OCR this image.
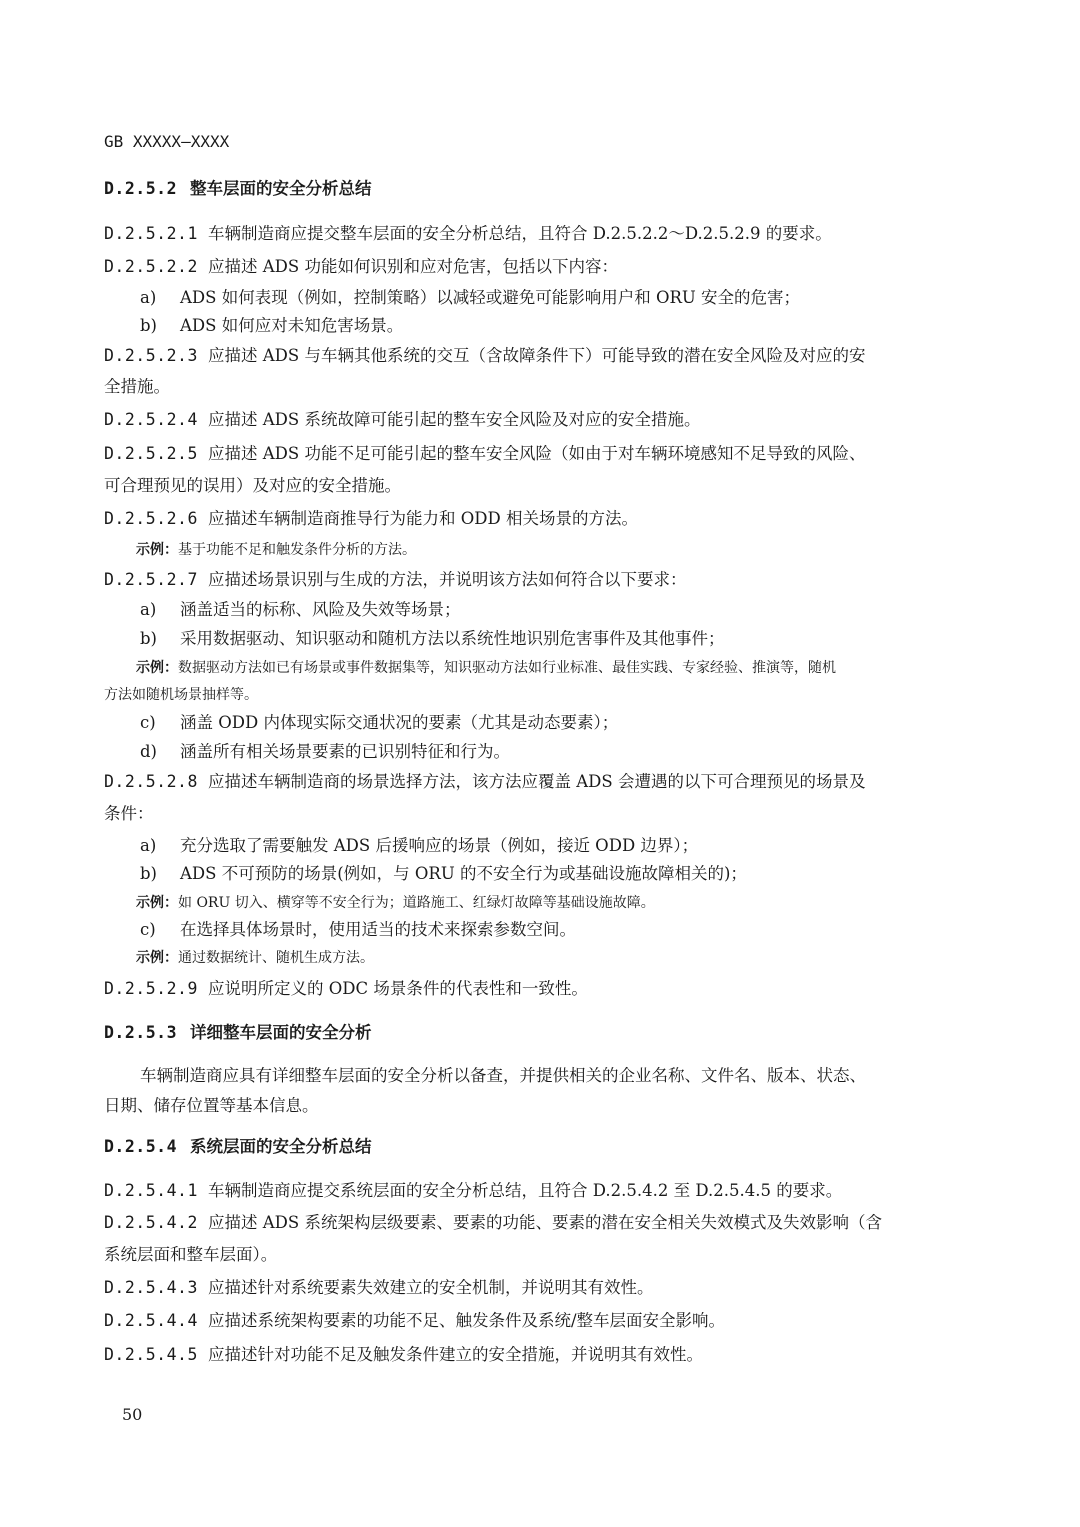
GB XXXXX—XXXX
D.2.5.2 整车层面的安全分析总结
D.2.5.2.1 车辆制造商应提交整车层面的安全分析总结，且符合 D.2.5.2.2～D.2.5.2.9 的要求。
D.2.5.2.2 应描述 ADS 功能如何识别和应对危害，包括以下内容：
a) ADS 如何表现（例如，控制策略）以减轻或避免可能影响用户和 ORU 安全的危害；
b) ADS 如何应对未知危害场景。
D.2.5.2.3 应描述 ADS 与车辆其他系统的交互（含故障条件下）可能导致的潜在安全风险及对应的安
全措施。
D.2.5.2.4 应描述 ADS 系统故障可能引起的整车安全风险及对应的安全措施。
D.2.5.2.5 应描述 ADS 功能不足可能引起的整车安全风险（如由于对车辆环境感知不足导致的风险、
可合理预见的误用）及对应的安全措施。
D.2.5.2.6 应描述车辆制造商推导行为能力和 ODD 相关场景的方法。
示例：基于功能不足和触发条件分析的方法。
D.2.5.2.7 应描述场景识别与生成的方法，并说明该方法如何符合以下要求：
a) 涵盖适当的标称、风险及失效等场景；
b) 采用数据驱动、知识驱动和随机方法以系统性地识别危害事件及其他事件；
示例：数据驱动方法如已有场景或事件数据集等，知识驱动方法如行业标准、最佳实践、专家经验、推演等，随机
方法如随机场景抽样等。
c) 涵盖 ODD 内体现实际交通状况的要素（尤其是动态要素）；
d) 涵盖所有相关场景要素的已识别特征和行为。
D.2.5.2.8 应描述车辆制造商的场景选择方法，该方法应覆盖 ADS 会遭遇的以下可合理预见的场景及
条件：
a) 充分选取了需要触发 ADS 后援响应的场景（例如，接近 ODD 边界）；
b) ADS 不可预防的场景(例如，与 ORU 的不安全行为或基础设施故障相关的)；
示例：如 ORU 切入、横穿等不安全行为；道路施工、红绿灯故障等基础设施故障。
c) 在选择具体场景时，使用适当的技术来探索参数空间。
示例：通过数据统计、随机生成方法。
D.2.5.2.9 应说明所定义的 ODC 场景条件的代表性和一致性。
D.2.5.3 详细整车层面的安全分析
车辆制造商应具有详细整车层面的安全分析以备查，并提供相关的企业名称、文件名、版本、状态、
日期、储存位置等基本信息。
D.2.5.4 系统层面的安全分析总结
D.2.5.4.1 车辆制造商应提交系统层面的安全分析总结，且符合 D.2.5.4.2 至 D.2.5.4.5 的要求。
D.2.5.4.2 应描述 ADS 系统架构层级要素、要素的功能、要素的潜在安全相关失效模式及失效影响（含
系统层面和整车层面）。
D.2.5.4.3 应描述针对系统要素失效建立的安全机制，并说明其有效性。
D.2.5.4.4 应描述系统架构要素的功能不足、触发条件及系统/整车层面安全影响。
D.2.5.4.5 应描述针对功能不足及触发条件建立的安全措施，并说明其有效性。
50
